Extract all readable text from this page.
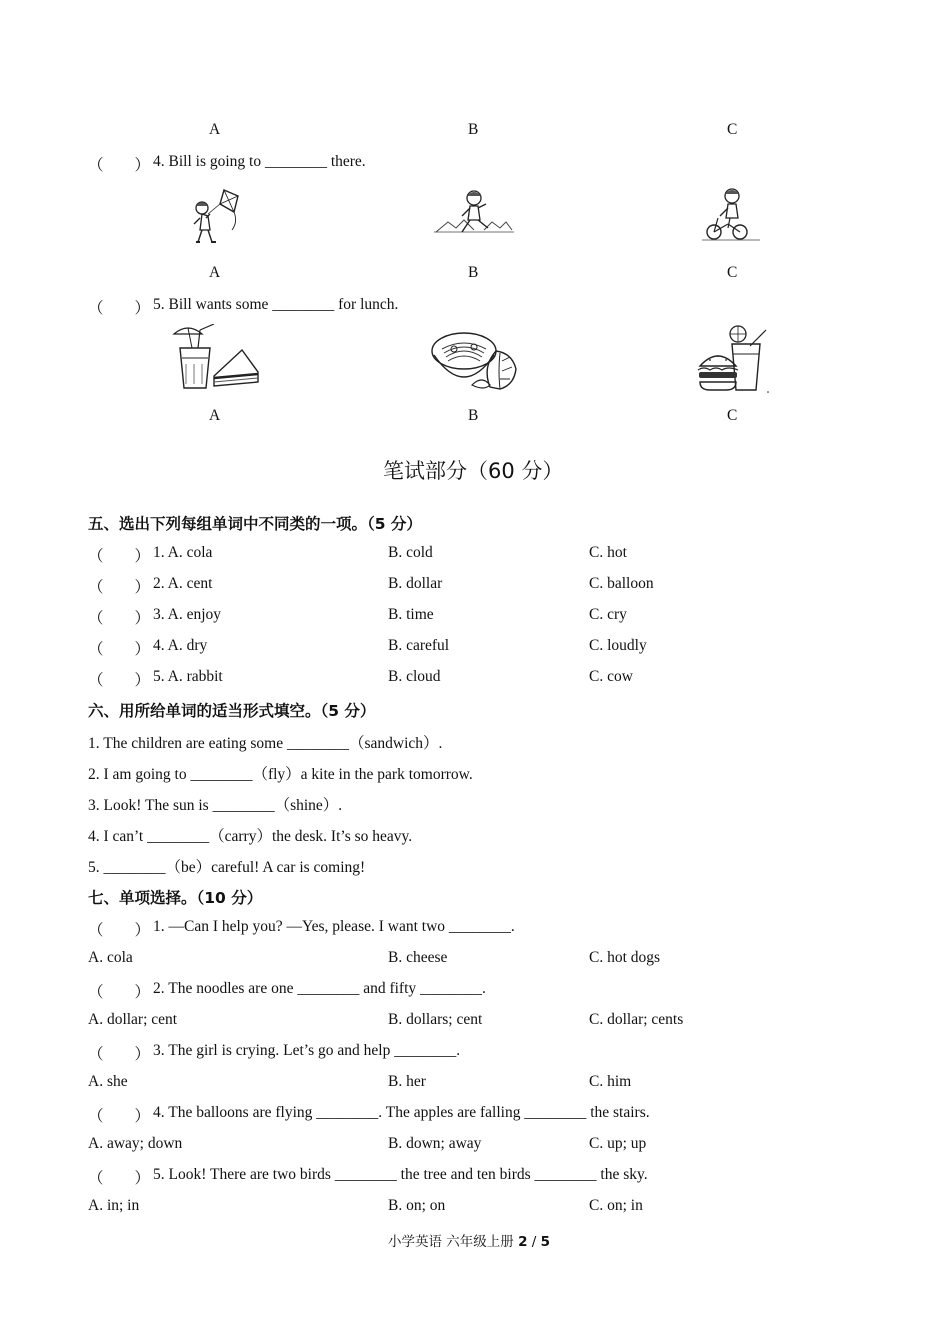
A	B	C
（　　） 4. Bill is going to ________ there.
A	B	C
（　　） 5. Bill wants some ________ for lunch.
A	B	C
笔试部分（60 分）
五、选出下列每组单词中不同类的一项。（5 分）
（　　） 1. A. cola	B. cold	C. hot
（　　） 2. A. cent	B. dollar	C. balloon
（　　） 3. A. enjoy	B. time	C. cry
（　　） 4. A. dry	B. careful	C. loudly
（　　） 5. A. rabbit	B. cloud	C. cow
六、用所给单词的适当形式填空。（5 分）
1. The children are eating some ________（sandwich）.
2. I am going to ________（fly）a kite in the park tomorrow.
3. Look! The sun is ________（shine）.
4. I can’t ________（carry）the desk. It’s so heavy.
5. ________（be）careful! A car is coming!
七、单项选择。（10 分）
（　　） 1. —Can I help you? —Yes, please. I want two ________.
A. cola	B. cheese	C. hot dogs
（　　） 2. The noodles are one ________ and fifty ________.
A. dollar; cent	B. dollars; cent	C. dollar; cents
（　　） 3. The girl is crying. Let’s go and help ________.
A. she	B. her	C. him
（　　） 4. The balloons are flying ________. The apples are falling ________ the stairs.
A. away; down	B. down; away	C. up; up
（　　） 5. Look! There are two birds ________ the tree and ten birds ________ the sky.
A. in; in	B. on; on	C. on; in
小学英语 六年级上册 2 / 5
